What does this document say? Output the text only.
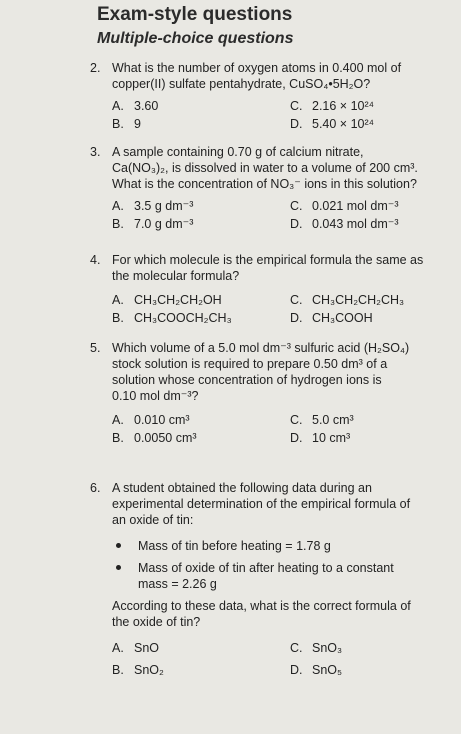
Exam-style questions
Multiple-choice questions
2. What is the number of oxygen atoms in 0.400 mol of
copper(II) sulfate pentahydrate, CuSO₄•5H₂O?
A. 3.60	C. 2.16 × 10²⁴
B. 9	D. 5.40 × 10²⁴
3. A sample containing 0.70 g of calcium nitrate,
Ca(NO₃)₂, is dissolved in water to a volume of 200 cm³.
What is the concentration of NO₃⁻ ions in this solution?
A. 3.5 g dm⁻³	C. 0.021 mol dm⁻³
B. 7.0 g dm⁻³	D. 0.043 mol dm⁻³
4. For which molecule is the empirical formula the same as
the molecular formula?
A. CH₃CH₂CH₂OH	C. CH₃CH₂CH₂CH₃
B. CH₃COOCH₂CH₃	D. CH₃COOH
5. Which volume of a 5.0 mol dm⁻³ sulfuric acid (H₂SO₄)
stock solution is required to prepare 0.50 dm³ of a
solution whose concentration of hydrogen ions is
0.10 mol dm⁻³?
A. 0.010 cm³	C. 5.0 cm³
B. 0.0050 cm³	D. 10 cm³
6. A student obtained the following data during an
experimental determination of the empirical formula of
an oxide of tin:
Mass of tin before heating = 1.78 g
Mass of oxide of tin after heating to a constant
mass = 2.26 g
According to these data, what is the correct formula of
the oxide of tin?
A. SnO	C. SnO₃
B. SnO₂	D. SnO₅
